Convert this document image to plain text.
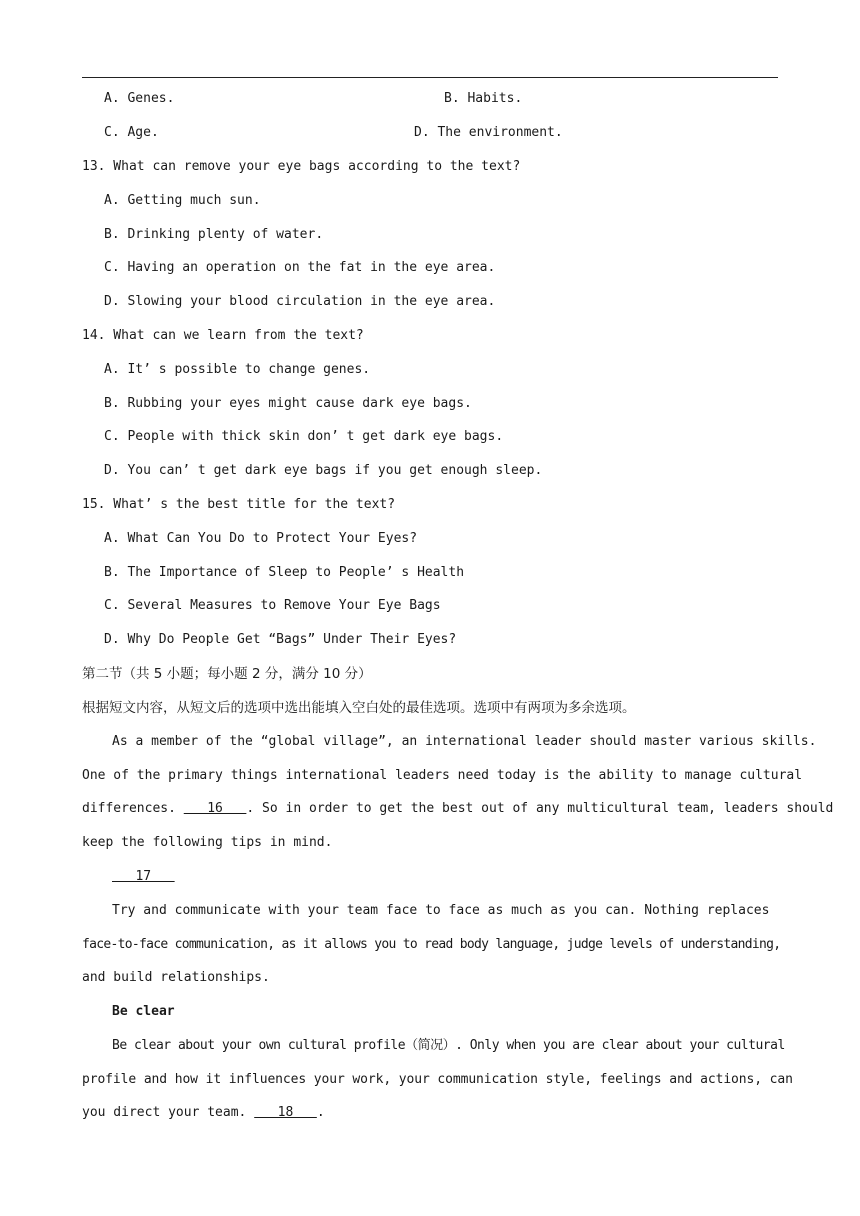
A. Genes.	B. Habits.
C. Age.	D. The environment.
13. What can remove your eye bags according to the text?
A. Getting much sun.
B. Drinking plenty of water.
C. Having an operation on the fat in the eye area.
D. Slowing your blood circulation in the eye area.
14. What can we learn from the text?
A. It’ s possible to change genes.
B. Rubbing your eyes might cause dark eye bags.
C. People with thick skin don’ t get dark eye bags.
D. You can’ t get dark eye bags if you get enough sleep.
15. What’ s the best title for the text?
A. What Can You Do to Protect Your Eyes?
B. The Importance of Sleep to People’ s Health
C. Several Measures to Remove Your Eye Bags
D. Why Do People Get “Bags” Under Their Eyes?
第二节（共 5 小题；每小题 2 分，满分 10 分）
根据短文内容，从短文后的选项中选出能填入空白处的最佳选项。选项中有两项为多余选项。
As a member of the “global village”, an international leader should master various skills.
One of the primary things international leaders need today is the ability to manage cultural
differences.    16   . So in order to get the best out of any multicultural team, leaders should
keep the following tips in mind.
17
Try and communicate with your team face to face as much as you can. Nothing replaces
face-to-face communication, as it allows you to read body language, judge levels of understanding,
and build relationships.
Be clear
Be clear about your own cultural profile（简况）. Only when you are clear about your cultural
profile and how it influences your work, your communication style, feelings and actions, can
you direct your team.    18   .
